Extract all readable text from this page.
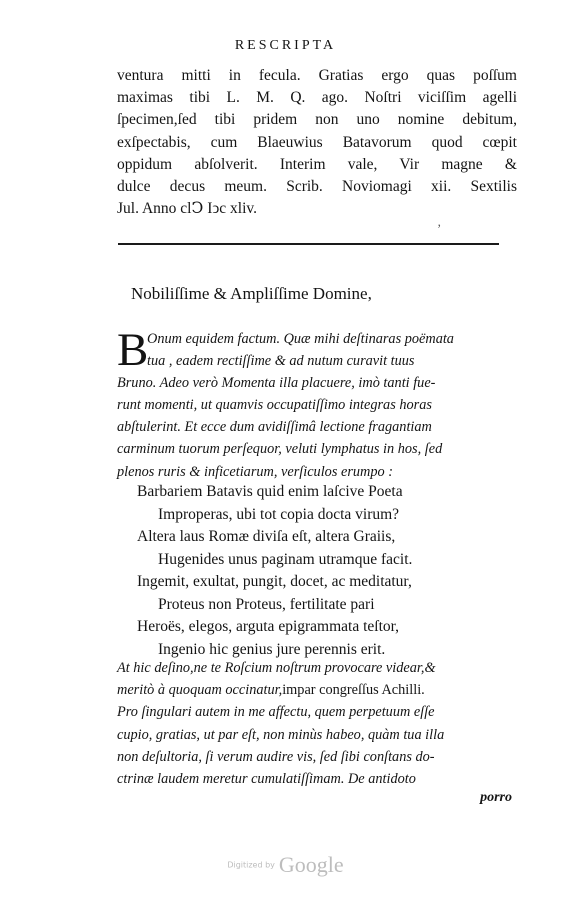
RESCRIPTA
ventura mitti in fecula. Gratias ergo quas poſſum
maximas tibi L. M. Q. ago. Noſtri viciſſim agelli
ſpecimen,ſed tibi pridem non uno nomine debitum,
exſpectabis, cum Blaeuwius Batavorum quod cœpit
oppidum abſolverit. Interim vale, Vir magne &
dulce decus meum. Scrib. Noviomagi xii. Sextilis
Jul. Anno clↃ Iↄc xliv.
ʼ
Nobiliſſime & Ampliſſime Domine,
B
Onum equidem factum. Quæ mihi deſtinaras poëmata
tua , eadem rectiſſime & ad nutum curavit tuus
Bruno. Adeo verò Momenta illa placuere, imò tanti fue-
runt momenti, ut quamvis occupatiſſimo integras horas
abſtulerint. Et ecce dum avidiſſimâ lectione fragantiam
carminum tuorum perſequor, veluti lymphatus in hos, ſed
plenos ruris & inficetiarum, verſiculos erumpo :
Barbariem Batavis quid enim laſcive Poeta
Improperas, ubi tot copia docta virum?
Altera laus Romæ diviſa eſt, altera Graiis,
Hugenides unus paginam utramque facit.
Ingemit, exultat, pungit, docet, ac meditatur,
Proteus non Proteus, fertilitate pari
Heroës, elegos, arguta epigrammata teſtor,
Ingenio hic genius jure perennis erit.
At hic deſino,ne te Roſcium noſtrum provocare videar,&
meritò à quoquam occinatur,impar congreſſus Achilli.
Pro ſingulari autem in me affectu, quem perpetuum eſſe
cupio, gratias, ut par eſt, non minùs habeo, quàm tua illa
non deſultoria, ſi verum audire vis, ſed ſibi conſtans do-
ctrinæ laudem meretur cumulatiſſimam. De antidoto
porro
Digitized by Google
